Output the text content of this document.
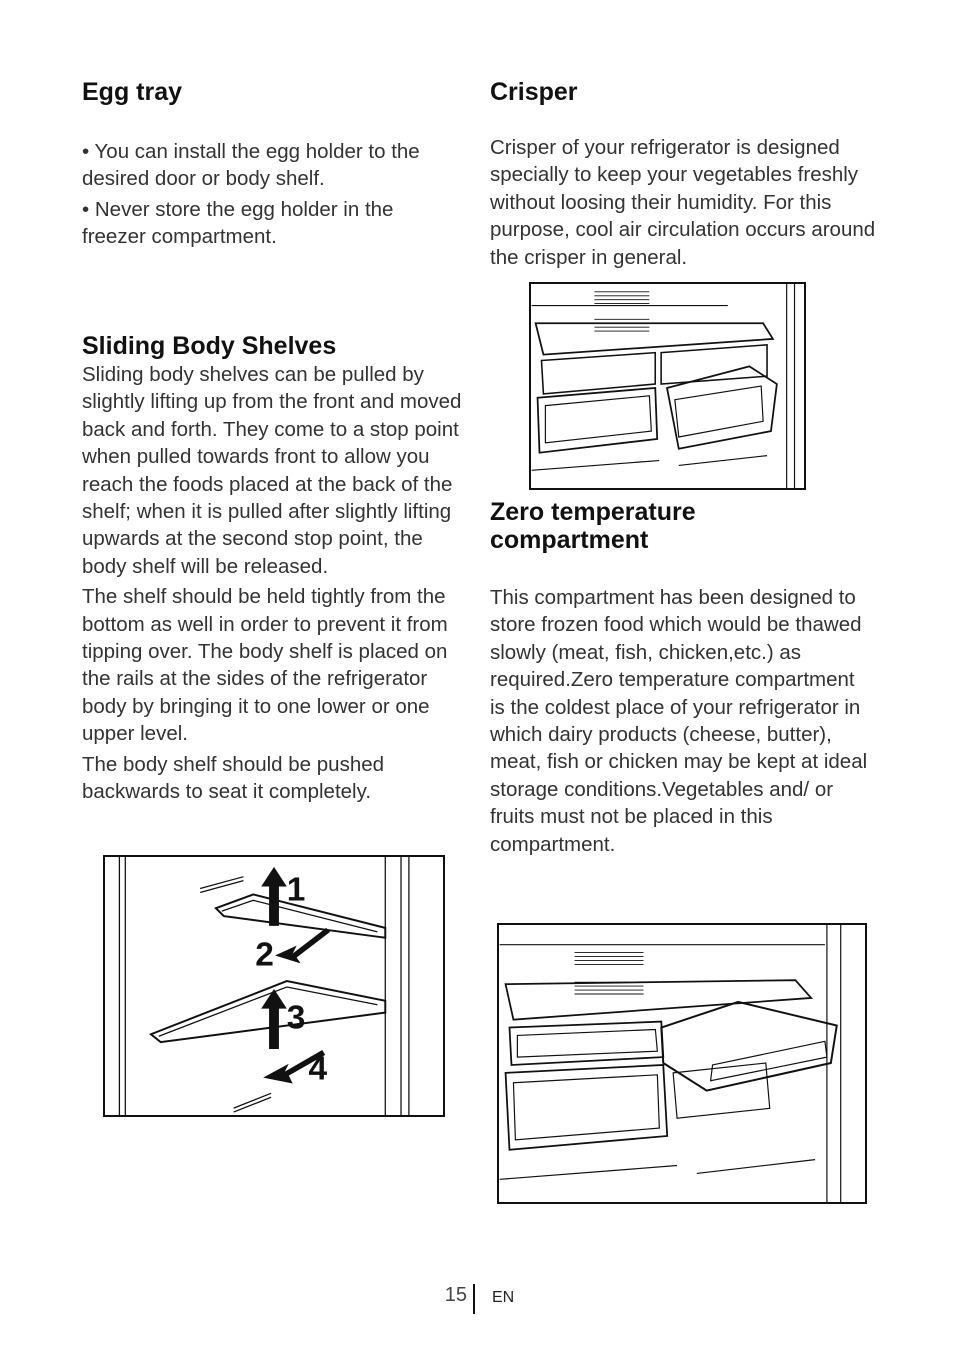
Egg tray

• You can install the egg holder to the desired door or body shelf.

• Never store the egg holder in the freezer compartment.

Sliding Body Shelves

Sliding body shelves can be pulled by slightly lifting up from the front and moved back and forth. They come to a stop point when pulled towards front to allow you reach the foods placed at the back of the shelf; when it is pulled after slightly lifting upwards at the second stop point, the body shelf will be released.

The shelf should be held tightly from the bottom as well in order to prevent it from tipping over. The body shelf is placed on the rails at the sides of the refrigerator body by bringing it to one lower or one upper level.

The body shelf should be pushed backwards to seat it completely.

1
2
3
4
Crisper

Crisper of your refrigerator is designed specially to keep your vegetables freshly without loosing their humidity. For this purpose, cool air circulation occurs around the crisper in general.

Zero temperature
compartment

This compartment has been designed to store frozen food which would be thawed slowly (meat, fish, chicken,etc.) as required.Zero temperature compartment is the coldest place of your refrigerator in which dairy products (cheese, butter), meat, fish or chicken may be kept at ideal storage conditions.Vegetables and/ or fruits must not be placed in this compartment.

15 EN
